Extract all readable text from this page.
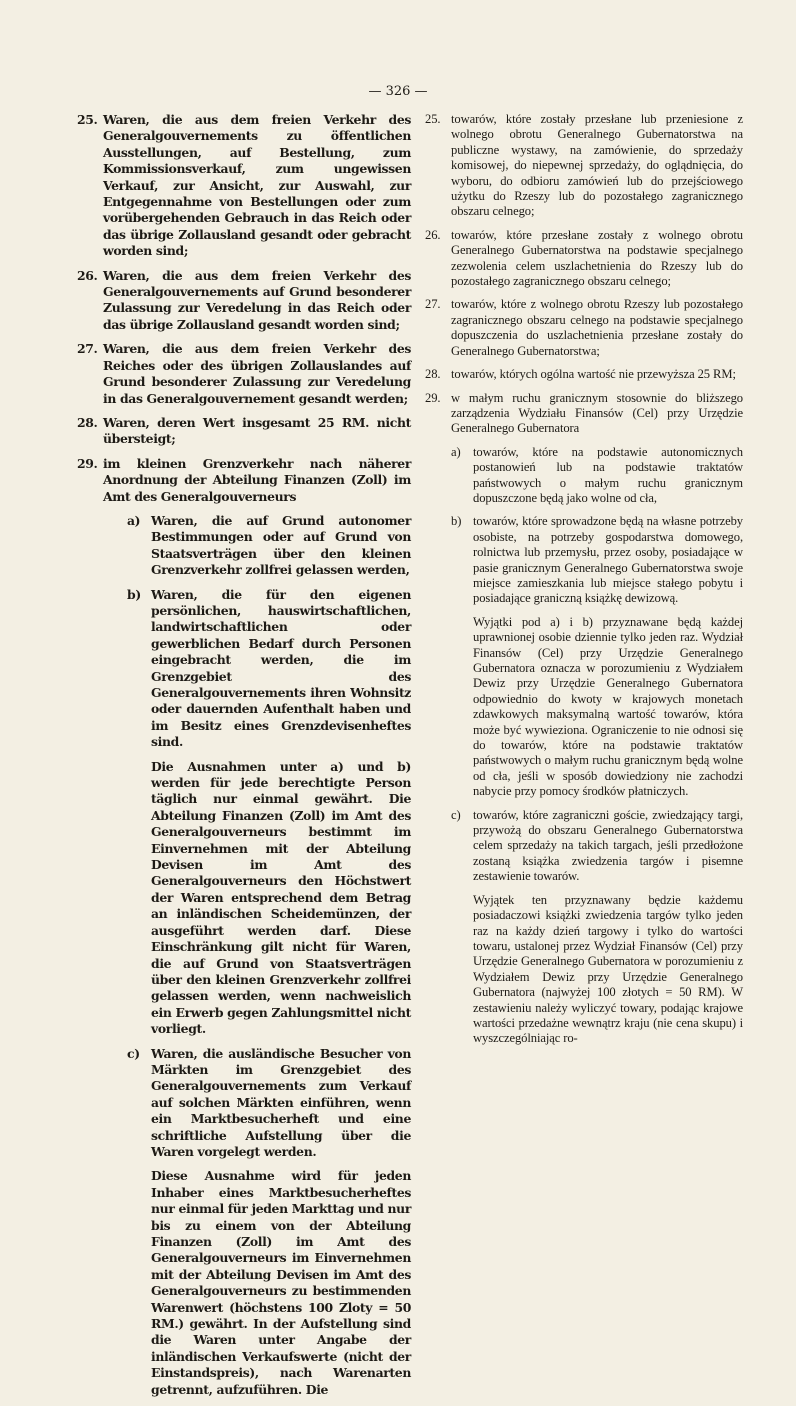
— 326 —
25. Waren, die aus dem freien Verkehr des Generalgouvernements zu öffentlichen Ausstellungen, auf Bestellung, zum Kommissionsverkauf, zum ungewissen Verkauf, zur Ansicht, zur Auswahl, zur Entgegennahme von Bestellungen oder zum vorübergehenden Gebrauch in das Reich oder das übrige Zollausland gesandt oder gebracht worden sind;
26. Waren, die aus dem freien Verkehr des Generalgouvernements auf Grund besonderer Zulassung zur Veredelung in das Reich oder das übrige Zollausland gesandt worden sind;
27. Waren, die aus dem freien Verkehr des Reiches oder des übrigen Zollauslandes auf Grund besonderer Zulassung zur Veredelung in das Generalgouvernement gesandt werden;
28. Waren, deren Wert insgesamt 25 RM. nicht übersteigt;
29. im kleinen Grenzverkehr nach näherer Anordnung der Abteilung Finanzen (Zoll) im Amt des Generalgouverneurs
a) Waren, die auf Grund autonomer Bestimmungen oder auf Grund von Staatsverträgen über den kleinen Grenzverkehr zollfrei gelassen werden,
b) Waren, die für den eigenen persönlichen, hauswirtschaftlichen, landwirtschaftlichen oder gewerblichen Bedarf durch Personen eingebracht werden, die im Grenzgebiet des Generalgouvernements ihren Wohnsitz oder dauernden Aufenthalt haben und im Besitz eines Grenzdevisenheftes sind.
Die Ausnahmen unter a) und b) werden für jede berechtigte Person täglich nur einmal gewährt. Die Abteilung Finanzen (Zoll) im Amt des Generalgouverneurs bestimmt im Einvernehmen mit der Abteilung Devisen im Amt des Generalgouverneurs den Höchstwert der Waren entsprechend dem Betrag an inländischen Scheidemünzen, der ausgeführt werden darf. Diese Einschränkung gilt nicht für Waren, die auf Grund von Staatsverträgen über den kleinen Grenzverkehr zollfrei gelassen werden, wenn nachweislich ein Erwerb gegen Zahlungsmittel nicht vorliegt.
c) Waren, die ausländische Besucher von Märkten im Grenzgebiet des Generalgouvernements zum Verkauf auf solchen Märkten einführen, wenn ein Marktbesucherheft und eine schriftliche Aufstellung über die Waren vorgelegt werden.
Diese Ausnahme wird für jeden Inhaber eines Marktbesucherheftes nur einmal für jeden Markttag und nur bis zu einem von der Abteilung Finanzen (Zoll) im Amt des Generalgouverneurs im Einvernehmen mit der Abteilung Devisen im Amt des Generalgouverneurs zu bestimmenden Warenwert (höchstens 100 Zloty = 50 RM.) gewährt. In der Aufstellung sind die Waren unter Angabe der inländischen Verkaufswerte (nicht der Einstandspreis), nach Warenarten getrennt, aufzuführen. Die
25. towarów, które zostały przesłane lub przeniesione z wolnego obrotu Generalnego Gubernatorstwa na publiczne wystawy, na zamówienie, do sprzedaży komisowej, do niepewnej sprzedaży, do oglądnięcia, do wyboru, do odbioru zamówień lub do przejściowego użytku do Rzeszy lub do pozostałego zagranicznego obszaru celnego;
26. towarów, które przesłane zostały z wolnego obrotu Generalnego Gubernatorstwa na podstawie specjalnego zezwolenia celem uszlachetnienia do Rzeszy lub do pozostałego zagranicznego obszaru celnego;
27. towarów, które z wolnego obrotu Rzeszy lub pozostałego zagranicznego obszaru celnego na podstawie specjalnego dopuszczenia do uszlachetnienia przesłane zostały do Generalnego Gubernatorstwa;
28. towarów, których ogólna wartość nie przewyższa 25 RM;
29. w małym ruchu granicznym stosownie do bliższego zarządzenia Wydziału Finansów (Cel) przy Urzędzie Generalnego Gubernatora
a) towarów, które na podstawie autonomicznych postanowień lub na podstawie traktatów państwowych o małym ruchu granicznym dopuszczone będą jako wolne od cła,
b) towarów, które sprowadzone będą na własne potrzeby osobiste, na potrzeby gospodarstwa domowego, rolnictwa lub przemysłu, przez osoby, posiadające w pasie granicznym Generalnego Gubernatorstwa swoje miejsce zamieszkania lub miejsce stałego pobytu i posiadające graniczną książkę dewizową.
Wyjątki pod a) i b) przyznawane będą każdej uprawnionej osobie dziennie tylko jeden raz. Wydział Finansów (Cel) przy Urzędzie Generalnego Gubernatora oznacza w porozumieniu z Wydziałem Dewiz przy Urzędzie Generalnego Gubernatora odpowiednio do kwoty w krajowych monetach zdawkowych maksymalną wartość towarów, która może być wywieziona. Ograniczenie to nie odnosi się do towarów, które na podstawie traktatów państwowych o małym ruchu granicznym będą wolne od cła, jeśli w sposób dowiedziony nie zachodzi nabycie przy pomocy środków płatniczych.
c) towarów, które zagraniczni goście, zwiedzający targi, przywożą do obszaru Generalnego Gubernatorstwa celem sprzedaży na takich targach, jeśli przedłożone zostaną książka zwiedzenia targów i pisemne zestawienie towarów.
Wyjątek ten przyznawany będzie każdemu posiadaczowi książki zwiedzenia targów tylko jeden raz na każdy dzień targowy i tylko do wartości towaru, ustalonej przez Wydział Finansów (Cel) przy Urzędzie Generalnego Gubernatora w porozumieniu z Wydziałem Dewiz przy Urzędzie Generalnego Gubernatora (najwyżej 100 złotych = 50 RM). W zestawieniu należy wyliczyć towary, podając krajowe wartości przedażne wewnątrz kraju (nie cena skupu) i wyszczególniając ro-
